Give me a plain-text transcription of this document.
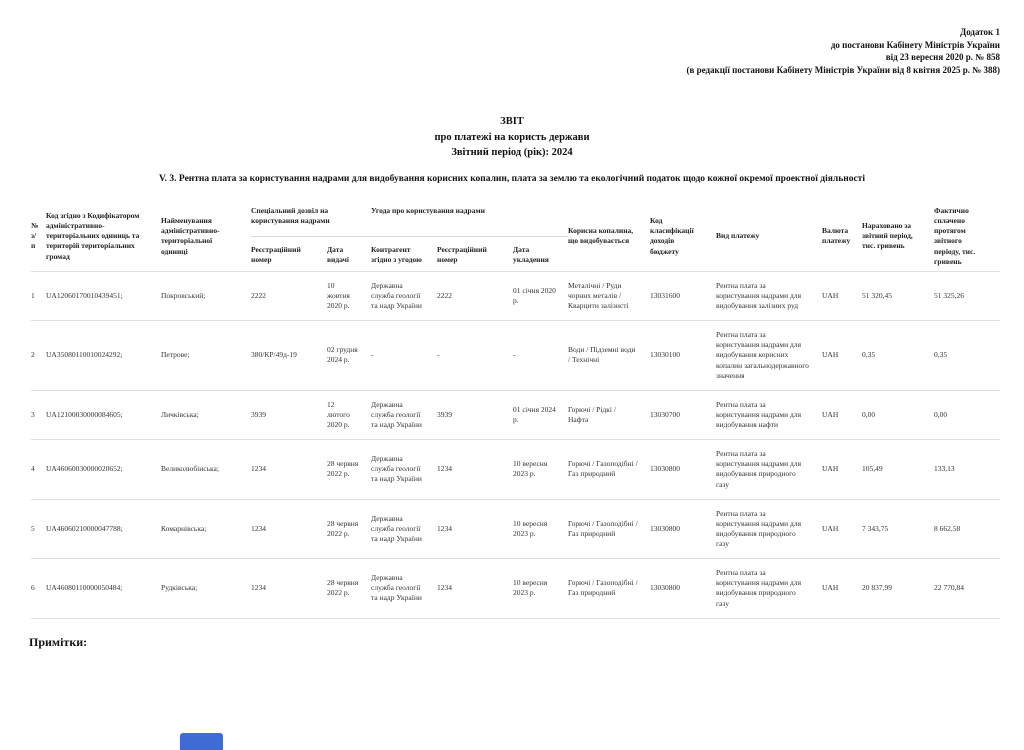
Додаток 1
до постанови Кабінету Міністрів України
від 23 вересня 2020 р. № 858
(в редакції постанови Кабінету Міністрів України від 8 квітня 2025 р. № 388)
ЗВІТ
про платежі на користь держави
Звітний період (рік): 2024
V. 3. Рентна плата за користування надрами для видобування корисних копалин, плата за землю та екологічний податок щодо кожної окремої проектної діяльності
№ з/п	Код згідно з Кодифікатором адміністративно-територіальних одиниць та територій територіальних громад	Найменування адміністративно-територіальної одиниці	Спеціальний дозвіл на користування надрами		Угода про користування надрами			Корисна копалина, що видобувається	Код класифікації доходів бюджету	Вид платежу	Валюта платежу	Нараховано за звітний період, тис. гривень	Фактично сплачено протягом звітного періоду, тис. гривень
			Реєстраційний номер	Дата видачі	Контрагент згідно з угодою	Реєстраційний номер	Дата укладення						
1	UA12060170010439451;	Покровський;	2222	10 жовтня 2020 р.	Державна служба геології та надр України	2222	01 січня 2020 р.	Металічні / Руди чорних металів / Кварцити залізисті	13031600	Рентна плата за користування надрами для видобування залізних руд	UAH	51 320,45	51 325,26
2	UA35080110010024292;	Петрове;	380/КР/49д-19	02 грудня 2024 р.	-	-	-	Води / Підземні води / Технічні	13030100	Рентна плата за користування надрами для видобування корисних копалин загальнодержавного значення	UAH	0,35	0,35
3	UA12100030000084605;	Личківська;	3939	12 лютого 2020 р.	Державна служба геології та надр України	3939	01 січня 2024 р.	Горючі / Рідкі / Нафта	13030700	Рентна плата за користування надрами для видобування нафти	UAH	0,00	0,00
4	UA46060030000020652;	Великолюбінська;	1234	28 червня 2022 р.	Державна служба геології та надр України	1234	10 вересня 2023 р.	Горючі / Газоподібні / Газ природний	13030800	Рентна плата за користування надрами для видобування природного газу	UAH	105,49	133,13
5	UA46060210000047788;	Комарнівська;	1234	28 червня 2022 р.	Державна служба геології та надр України	1234	10 вересня 2023 р.	Горючі / Газоподібні / Газ природний	13030800	Рентна плата за користування надрами для видобування природного газу	UAH	7 343,75	8 662,58
6	UA46080110000050484;	Рудківська;	1234	28 червня 2022 р.	Державна служба геології та надр України	1234	10 вересня 2023 р.	Горючі / Газоподібні / Газ природний	13030800	Рентна плата за користування надрами для видобування природного газу	UAH	20 837,99	22 770,84
Примітки:
